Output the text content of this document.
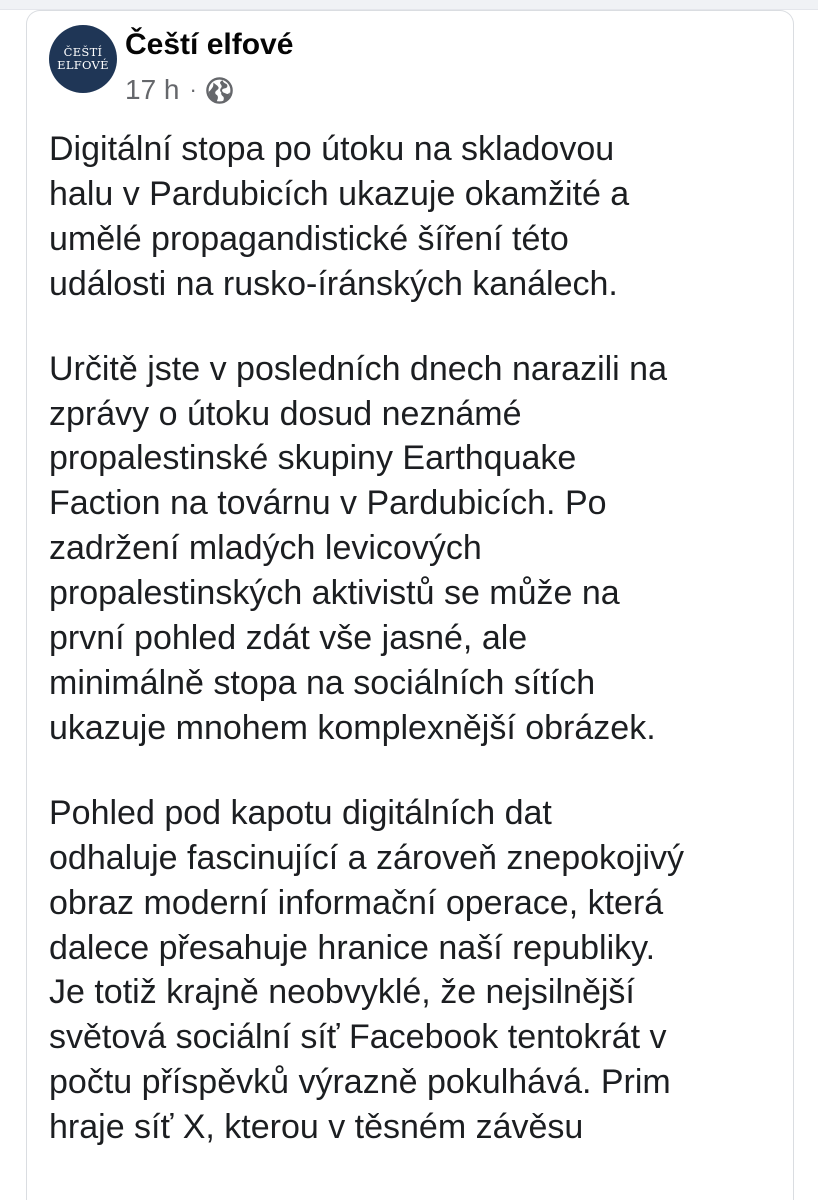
ČEŠTÍ
ELFOVÉ
Čeští elfové
17 h ·

Digitální stopa po útoku na skladovou
halu v Pardubicích ukazuje okamžité a
umělé propagandistické šíření této
události na rusko-íránských kanálech.

Určitě jste v posledních dnech narazili na
zprávy o útoku dosud neznámé
propalestinské skupiny Earthquake
Faction na továrnu v Pardubicích. Po
zadržení mladých levicových
propalestinských aktivistů se může na
první pohled zdát vše jasné, ale
minimálně stopa na sociálních sítích
ukazuje mnohem komplexnější obrázek.

Pohled pod kapotu digitálních dat
odhaluje fascinující a zároveň znepokojivý
obraz moderní informační operace, která
dalece přesahuje hranice naší republiky.
Je totiž krajně neobvyklé, že nejsilnější
světová sociální síť Facebook tentokrát v
počtu příspěvků výrazně pokulhává. Prim
hraje síť X, kterou v těsném závěsu
